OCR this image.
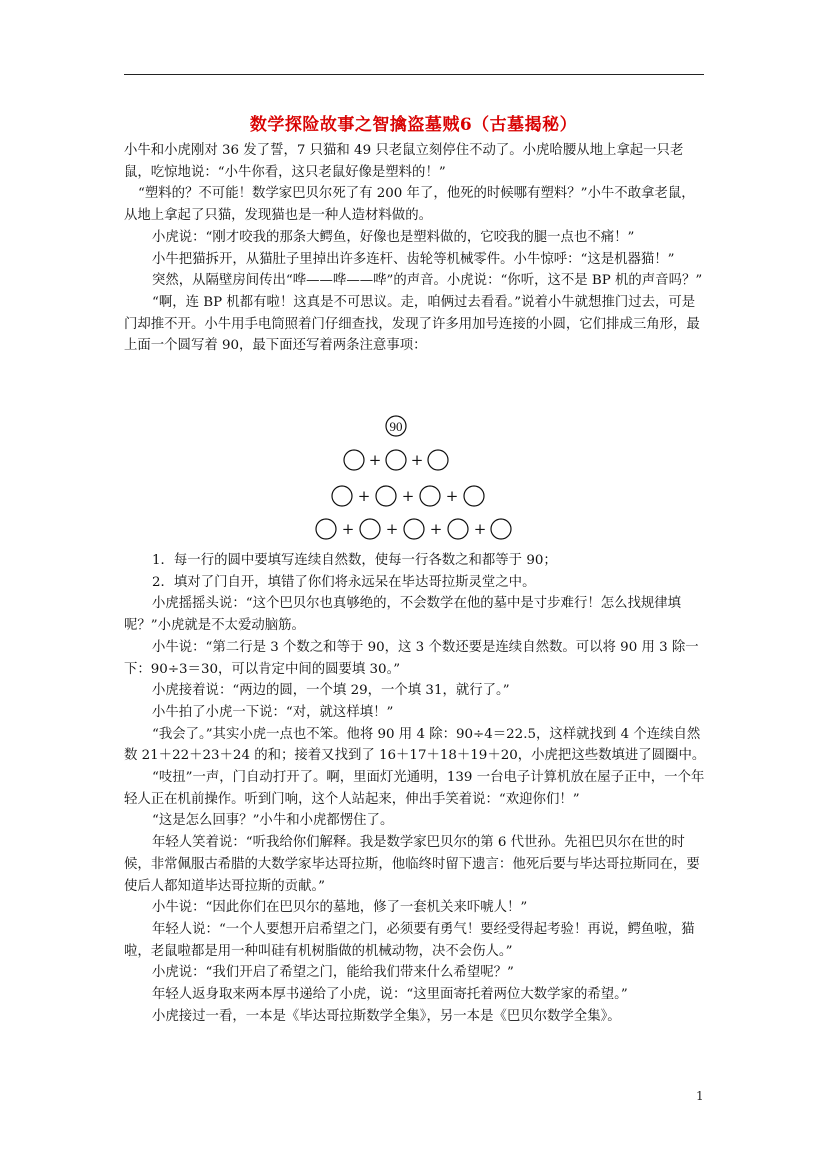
数学探险故事之智擒盗墓贼6（古墓揭秘）

小牛和小虎刚对 36 发了誓，7 只猫和 49 只老鼠立刻停住不动了。小虎哈腰从地上拿起一只老鼠，吃惊地说：“小牛你看，这只老鼠好像是塑料的！”

“塑料的？不可能！数学家巴贝尔死了有 200 年了，他死的时候哪有塑料？”小牛不敢拿老鼠，从地上拿起了只猫，发现猫也是一种人造材料做的。

小虎说：“刚才咬我的那条大鳄鱼，好像也是塑料做的，它咬我的腿一点也不痛！”

小牛把猫拆开，从猫肚子里掉出许多连杆、齿轮等机械零件。小牛惊呼：“这是机器猫！”

突然，从隔壁房间传出“哗——哗——哗”的声音。小虎说：“你听，这不是 BP 机的声音吗？”

“啊，连 BP 机都有啦！这真是不可思议。走，咱俩过去看看。”说着小牛就想推门过去，可是门却推不开。小牛用手电筒照着门仔细查找，发现了许多用加号连接的小圆，它们排成三角形，最上面一个圆写着 90，最下面还写着两条注意事项：

90
+ +
+ + +
+ + + +

1．每一行的圆中要填写连续自然数，使每一行各数之和都等于 90；

2．填对了门自开，填错了你们将永远呆在毕达哥拉斯灵堂之中。

小虎摇摇头说：“这个巴贝尔也真够绝的，不会数学在他的墓中是寸步难行！怎么找规律填呢？”小虎就是不太爱动脑筋。

小牛说：“第二行是 3 个数之和等于 90，这 3 个数还要是连续自然数。可以将 90 用 3 除一下：90÷3＝30，可以肯定中间的圆要填 30。”

小虎接着说：“两边的圆，一个填 29，一个填 31，就行了。”

小牛拍了小虎一下说：“对，就这样填！”

“我会了。”其实小虎一点也不笨。他将 90 用 4 除：90÷4＝22.5，这样就找到 4 个连续自然数 21＋22＋23＋24 的和；接着又找到了 16＋17＋18＋19＋20，小虎把这些数填进了圆圈中。

“吱扭”一声，门自动打开了。啊，里面灯光通明，139 一台电子计算机放在屋子正中，一个年轻人正在机前操作。听到门响，这个人站起来，伸出手笑着说：“欢迎你们！”

“这是怎么回事？”小牛和小虎都愣住了。

年轻人笑着说：“听我给你们解释。我是数学家巴贝尔的第 6 代世孙。先祖巴贝尔在世的时候，非常佩服古希腊的大数学家毕达哥拉斯，他临终时留下遗言：他死后要与毕达哥拉斯同在，要使后人都知道毕达哥拉斯的贡献。”

小牛说：“因此你们在巴贝尔的墓地，修了一套机关来吓唬人！”

年轻人说：“一个人要想开启希望之门，必须要有勇气！要经受得起考验！再说，鳄鱼啦，猫啦，老鼠啦都是用一种叫硅有机树脂做的机械动物，决不会伤人。”

小虎说：“我们开启了希望之门，能给我们带来什么希望呢？”

年轻人返身取来两本厚书递给了小虎，说：“这里面寄托着两位大数学家的希望。”

小虎接过一看，一本是《毕达哥拉斯数学全集》，另一本是《巴贝尔数学全集》。

1
